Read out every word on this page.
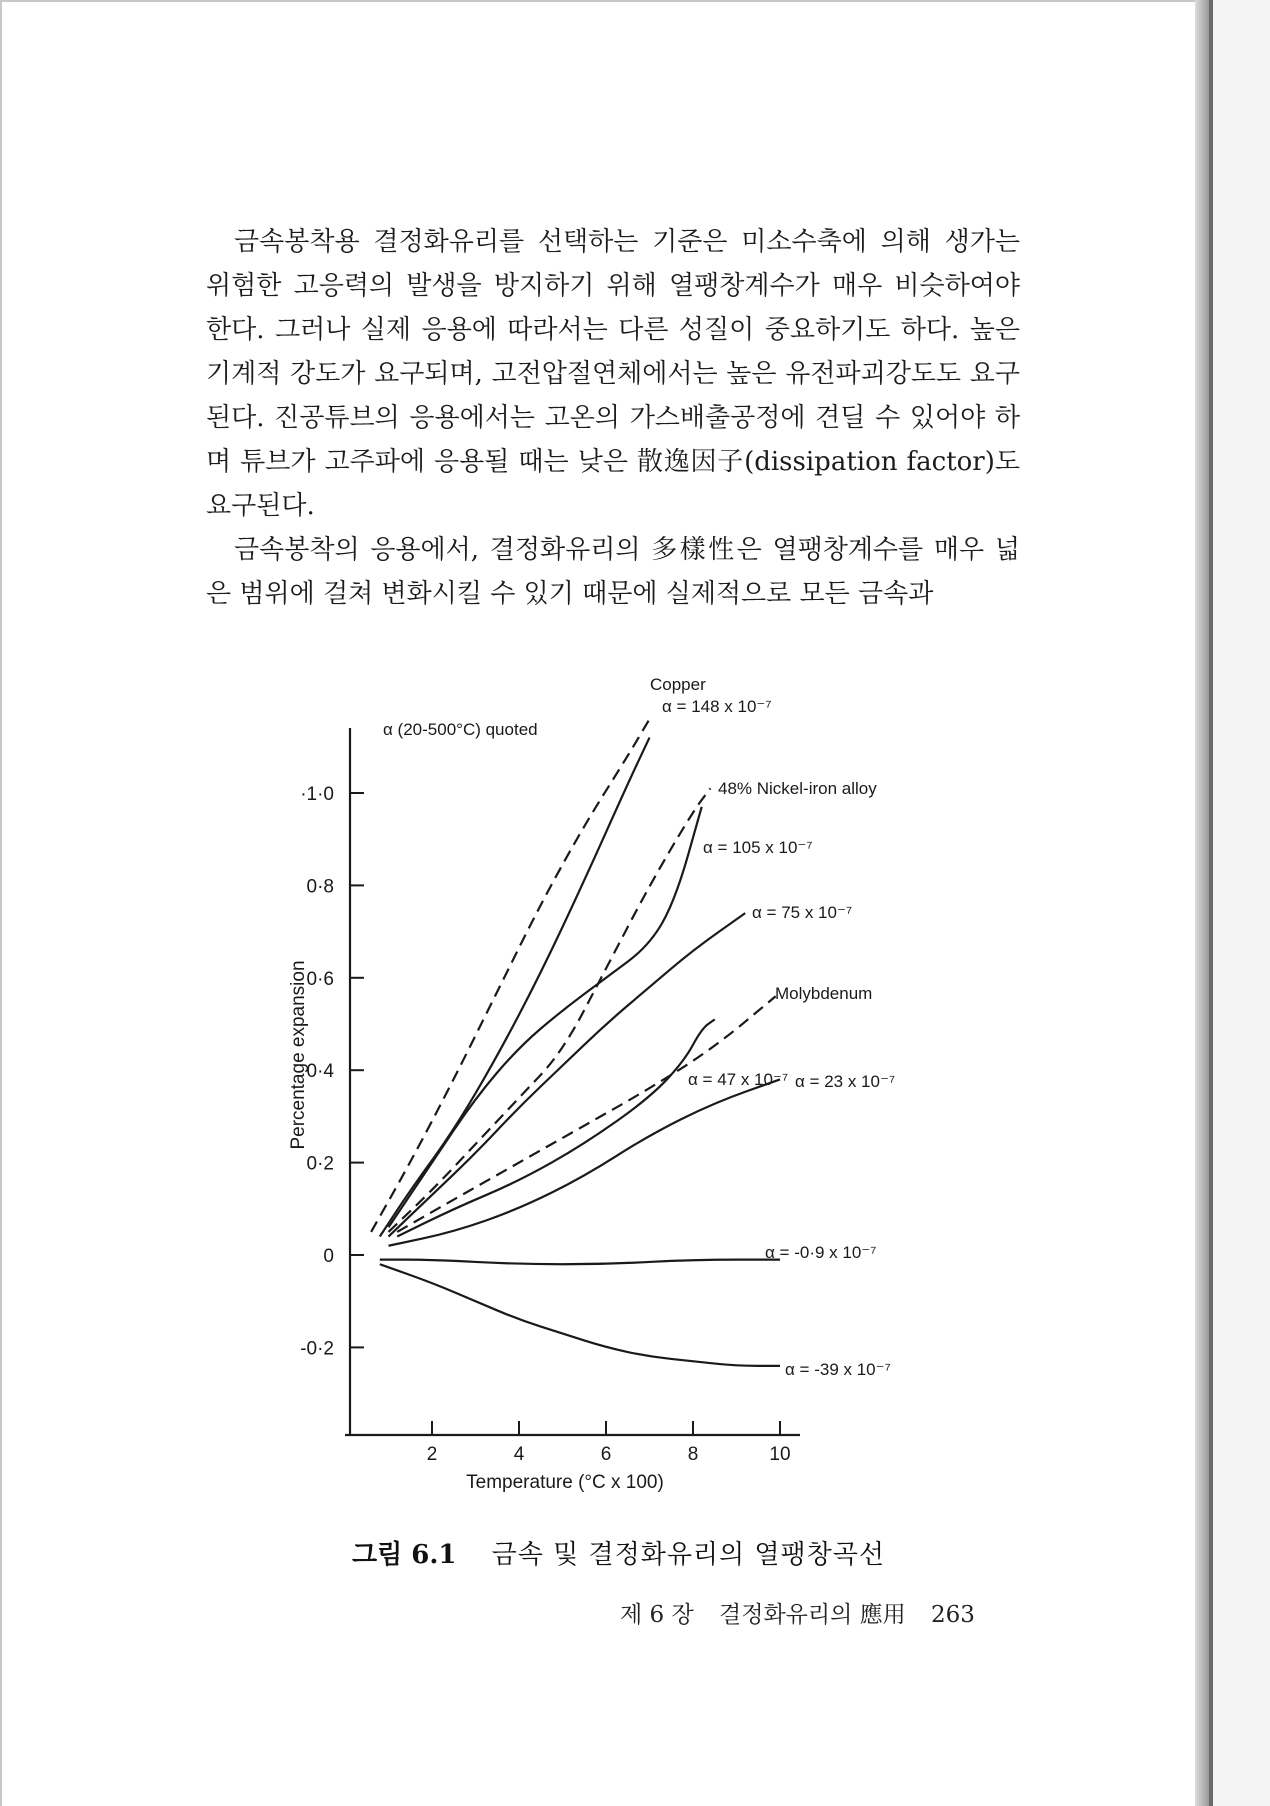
금속봉착용 결정화유리를 선택하는 기준은 미소수축에 의해 생가는 위험한 고응력의 발생을 방지하기 위해 열팽창계수가 매우 비슷하여야 한다. 그러나 실제 응용에 따라서는 다른 성질이 중요하기도 하다. 높은 기계적 강도가 요구되며, 고전압절연체에서는 높은 유전파괴강도도 요구된다. 진공튜브의 응용에서는 고온의 가스배출공정에 견딜 수 있어야 하며 튜브가 고주파에 응용될 때는 낮은 散逸因子(dissipation factor)도 요구된다.

금속봉착의 응용에서, 결정화유리의 多樣性은 열팽창계수를 매우 넓은 범위에 걸쳐 변화시킬 수 있기 때문에 실제적으로 모든 금속과

-0·2
0
0·2
0·4
0·6
0·8
·1·0
2	4	6	8	10
Temperature (°C x 100)
Percentage expansion
α (20-500°C) quoted
Copper
α = 148 x 10⁻⁷
48% Nickel-iron alloy
α = 105 x 10⁻⁷
α = 75 x 10⁻⁷
Molybdenum
α = 47 x 10⁻⁷ α = 23 x 10⁻⁷
α = -0·9 x 10⁻⁷
α = -39 x 10⁻⁷
그림 6.1 금속 및 결정화유리의 열팽창곡선
제 6 장 결정화유리의 應用 263
